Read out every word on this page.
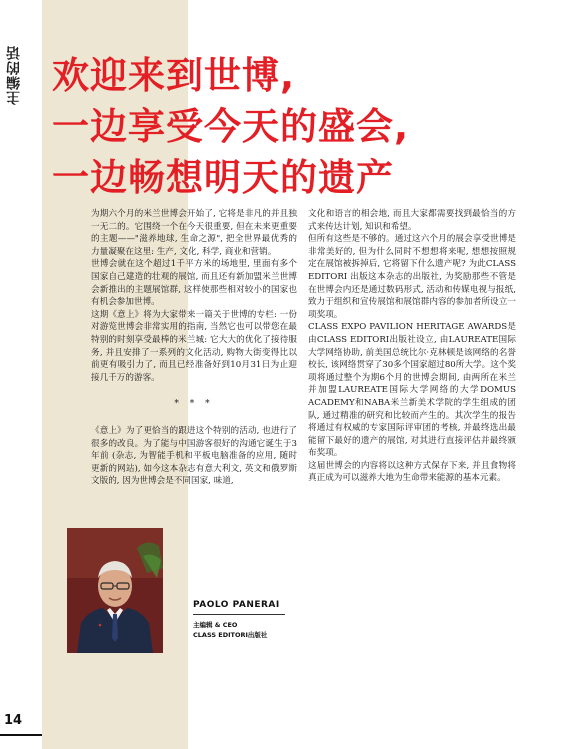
主编的话 欢迎来到世博,
一边享受今天的盛会,
一边畅想明天的遗产

为期六个月的米兰世博会开始了, 它将是非凡的并且独一无二的。它围绕一个在今天很重要, 但在未来更重要的主题——"滋养地球, 生命之源", 把全世界最优秀的力量凝聚在这里: 生产, 文化, 科学, 商业和营销。

世博会就在这个超过1千平方米的场地里, 里面有多个国家自己建造的壮观的展馆, 而且还有新加盟米兰世博会新推出的主题展馆群, 这样使那些相对较小的国家也有机会参加世博。

这期《意上》将为大家带来一篇关于世博的专栏: 一份对游览世博会非常实用的指南, 当然它也可以带您在最特别的时刻享受最棒的米兰城: 它大大的优化了接待服务, 并且安排了一系列的文化活动, 购物大街变得比以前更有吸引力了, 而且已经准备好到10月31日为止迎接几千万的游客。

* * *

《意上》为了更恰当的跟进这个特别的活动, 也进行了很多的改良。为了能与中国游客很好的沟通它诞生于3年前 (杂志, 为智能手机和平板电脑准备的应用, 随时更新的网站), 如今这本杂志有意大利文, 英文和俄罗斯文版的, 因为世博会是不同国家, 味道,

文化和语言的相会地, 而且大家都需要找到最恰当的方式来传达计划, 知识和希望。

但所有这些是不够的。通过这六个月的展会享受世博是非常美好的, 但为什么同时不想想将来呢, 想想按照规定在展馆被拆掉后, 它将留下什么遗产呢? 为此CLASS EDITORI 出版这本杂志的出版社, 为奖励那些不管是在世博会内还是通过数码形式, 活动和传媒电视与报纸, 致力于组织和宣传展馆和展馆群内容的参加者所设立一项奖项。

CLASS EXPO PAVILION HERITAGE AWARDS是由CLASS EDITORI出版社设立, 由LAUREATE国际大学网络协助, 前美国总统比尔·克林顿是该网络的名誉校长, 该网络贯穿了30多个国家超过80所大学。这个奖项将通过整个为期6个月的世博会期间, 由两所在米兰并加盟LAUREATE国际大学网络的大学DOMUS ACADEMY和NABA米兰新美术学院的学生组成的团队, 通过精准的研究和比较而产生的。其次学生的报告将通过有权威的专家国际评审团的考核, 并最终选出最能留下最好的遗产的展馆, 对其进行直接评估并最终颁布奖项。

这届世博会的内容将以这种方式保存下来, 并且食物将真正成为可以滋养大地为生命带来能源的基本元素。

PAOLO PANERAI
主编辑 & CEO
CLASS EDITORI出版社
14
